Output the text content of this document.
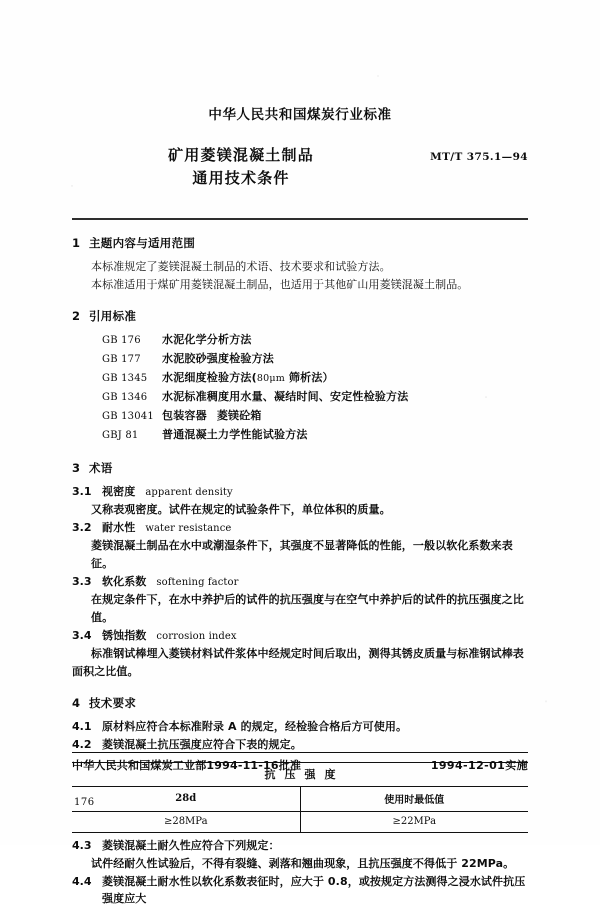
中华人民共和国煤炭行业标准
矿用菱镁混凝土制品
通用技术条件
MT/T 375.1—94
1 主题内容与适用范围

本标准规定了菱镁混凝土制品的术语、技术要求和试验方法。

本标准适用于煤矿用菱镁混凝土制品，也适用于其他矿山用菱镁混凝土制品。

2 引用标准
GB 176	水泥化学分析方法
GB 177	水泥胶砂强度检验方法
GB 1345	水泥细度检验方法(80μm 筛析法）
GB 1346	水泥标准稠度用水量、凝结时间、安定性检验方法
GB 13041 包装容器 菱镁砼箱
GBJ 81	普通混凝土力学性能试验方法
3 术语
3.1 视密度 apparent density

又称表观密度。试件在规定的试验条件下，单位体积的质量。

3.2 耐水性 water resistance

菱镁混凝土制品在水中或潮湿条件下，其强度不显著降低的性能，一般以软化系数来表征。

3.3 软化系数 softening factor

在规定条件下，在水中养护后的试件的抗压强度与在空气中养护后的试件的抗压强度之比值。

3.4 锈蚀指数 corrosion index

标准钢试棒埋入菱镁材料试件浆体中经规定时间后取出，测得其锈皮质量与标准钢试棒表面积之比值。

4 技术要求
4.1 原材料应符合本标准附录 A 的规定，经检验合格后方可使用。
4.2 菱镁混凝土抗压强度应符合下表的规定。
抗压强度	
28d	使用时最低值
≥28MPa	≥22MPa
4.3 菱镁混凝土耐久性应符合下列规定：

试件经耐久性试验后，不得有裂缝、剥落和翘曲现象，且抗压强度不得低于 22MPa。

4.4 菱镁混凝土耐水性以软化系数表征时，应大于 0.8，或按规定方法测得之浸水试件抗压强度应大
中华人民共和国煤炭工业部1994-11-16批准	1994-12-01实施
176
